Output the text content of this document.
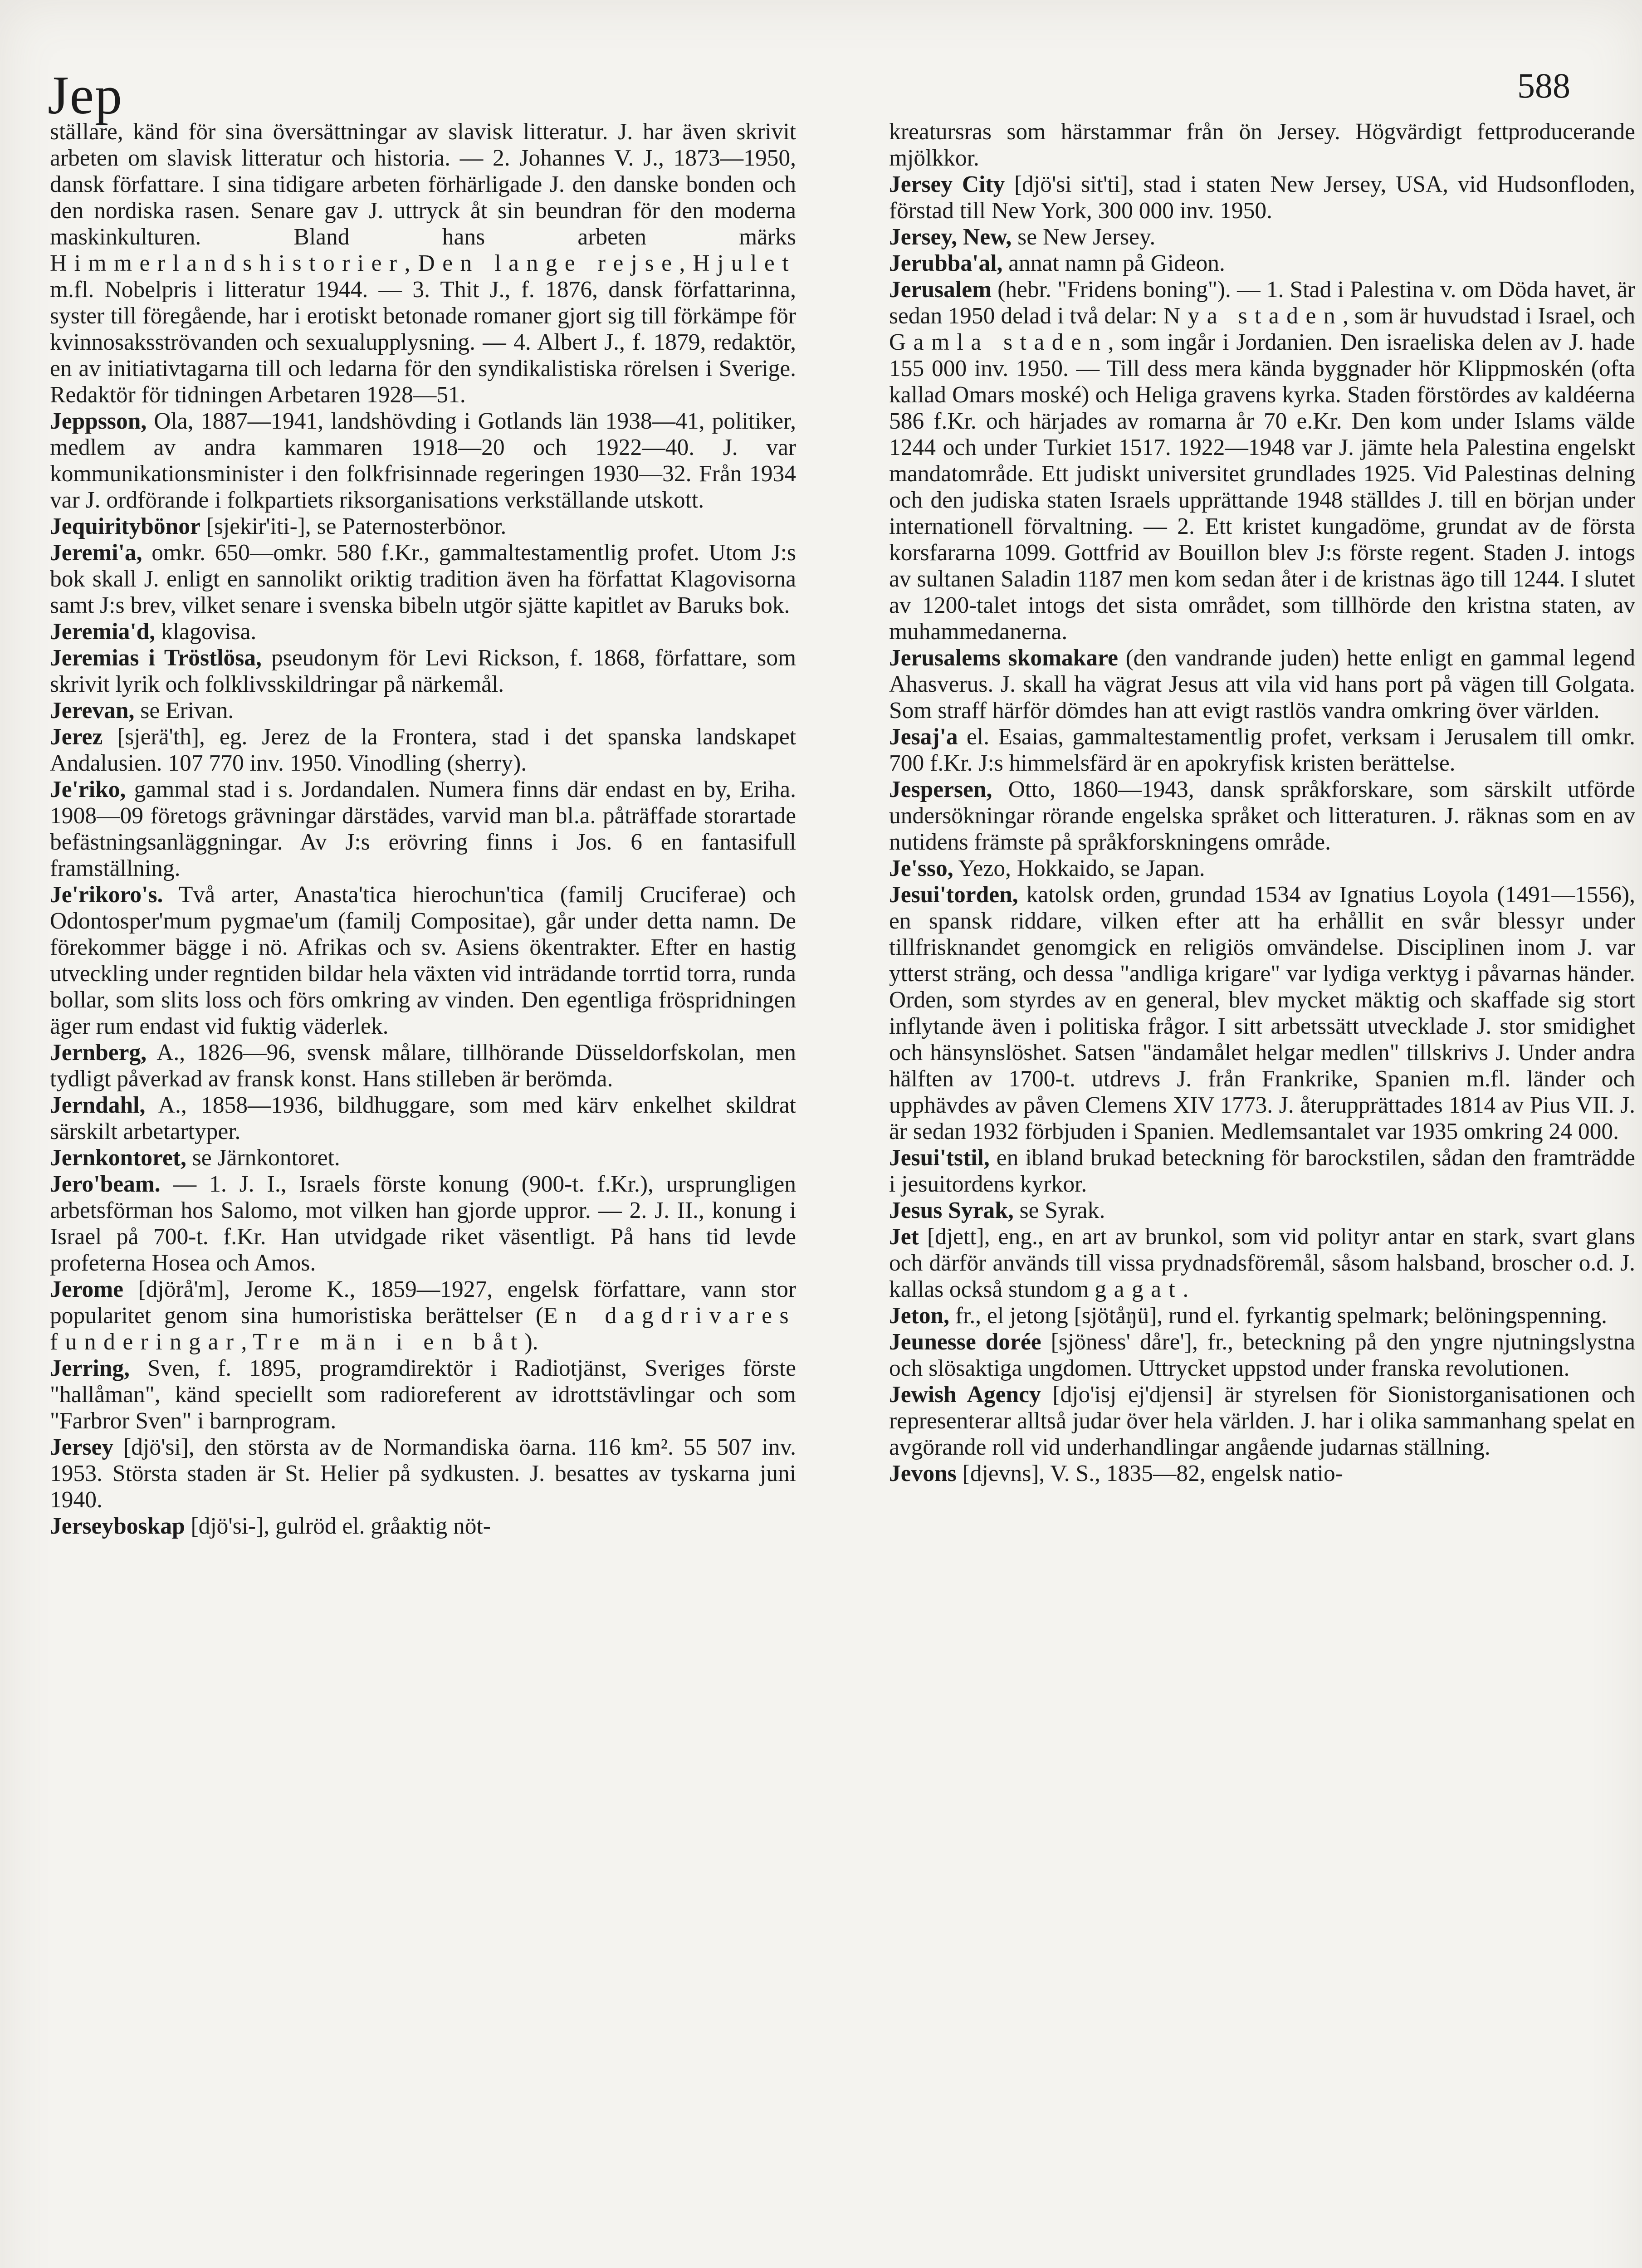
Jep	588

ställare, känd för sina översättningar av slavisk litteratur. J. har även skrivit arbeten om slavisk litteratur och historia. — 2. Johannes V. J., 1873—1950, dansk författare. I sina tidigare arbeten förhärligade J. den danske bonden och den nordiska rasen. Senare gav J. uttryck åt sin beundran för den moderna maskinkulturen. Bland hans arbeten märks Himmerlandshistorier, Den lange rejse, Hjulet m.fl. Nobelpris i litteratur 1944. — 3. Thit J., f. 1876, dansk författarinna, syster till föregående, har i erotiskt betonade romaner gjort sig till förkämpe för kvinnosaksströvanden och sexualupplysning. — 4. Albert J., f. 1879, redaktör, en av initiativtagarna till och ledarna för den syndikalistiska rörelsen i Sverige. Redaktör för tidningen Arbetaren 1928—51.

Jeppsson, Ola, 1887—1941, landshövding i Gotlands län 1938—41, politiker, medlem av andra kammaren 1918—20 och 1922—40. J. var kommunikationsminister i den folkfrisinnade regeringen 1930—32. Från 1934 var J. ordförande i folkpartiets riksorganisations verkställande utskott.

Jequiritybönor [sjekir'iti-], se Paternosterbönor.

Jeremi'a, omkr. 650—omkr. 580 f.Kr., gammaltestamentlig profet. Utom J:s bok skall J. enligt en sannolikt oriktig tradition även ha författat Klagovisorna samt J:s brev, vilket senare i svenska bibeln utgör sjätte kapitlet av Baruks bok.

Jeremia'd, klagovisa.

Jeremias i Tröstlösa, pseudonym för Levi Rickson, f. 1868, författare, som skrivit lyrik och folklivsskildringar på närkemål.

Jerevan, se Erivan.

Jerez [sjerä'th], eg. Jerez de la Frontera, stad i det spanska landskapet Andalusien. 107 770 inv. 1950. Vinodling (sherry).

Je'riko, gammal stad i s. Jordandalen. Numera finns där endast en by, Eriha. 1908—09 företogs grävningar därstädes, varvid man bl.a. påträffade storartade befästningsanläggningar. Av J:s erövring finns i Jos. 6 en fantasifull framställning.

Je'rikoro's. Två arter, Anasta'tica hierochun'tica (familj Cruciferae) och Odontosper'mum pygmae'um (familj Compositae), går under detta namn. De förekommer bägge i nö. Afrikas och sv. Asiens ökentrakter. Efter en hastig utveckling under regntiden bildar hela växten vid inträdande torrtid torra, runda bollar, som slits loss och förs omkring av vinden. Den egentliga fröspridningen äger rum endast vid fuktig väderlek.

Jernberg, A., 1826—96, svensk målare, tillhörande Düsseldorfskolan, men tydligt påverkad av fransk konst. Hans stilleben är berömda.

Jerndahl, A., 1858—1936, bildhuggare, som med kärv enkelhet skildrat särskilt arbetartyper.

Jernkontoret, se Järnkontoret.

Jero'beam. — 1. J. I., Israels förste konung (900-t. f.Kr.), ursprungligen arbetsförman hos Salomo, mot vilken han gjorde uppror. — 2. J. II., konung i Israel på 700-t. f.Kr. Han utvidgade riket väsentligt. På hans tid levde profeterna Hosea och Amos.

Jerome [djörå'm], Jerome K., 1859—1927, engelsk författare, vann stor popularitet genom sina humoristiska berättelser (En dagdrivares funderingar, Tre män i en båt).

Jerring, Sven, f. 1895, programdirektör i Radiotjänst, Sveriges förste "hallåman", känd speciellt som radioreferent av idrottstävlingar och som "Farbror Sven" i barnprogram.

Jersey [djö'si], den största av de Normandiska öarna. 116 km². 55 507 inv. 1953. Största staden är St. Helier på sydkusten. J. besattes av tyskarna juni 1940.

Jerseyboskap [djö'si-], gulröd el. gråaktig nöt-

kreatursras som härstammar från ön Jersey. Högvärdigt fettproducerande mjölkkor.

Jersey City [djö'si sit'ti], stad i staten New Jersey, USA, vid Hudsonfloden, förstad till New York, 300 000 inv. 1950.

Jersey, New, se New Jersey.

Jerubba'al, annat namn på Gideon.

Jerusalem (hebr. "Fridens boning"). — 1. Stad i Palestina v. om Döda havet, är sedan 1950 delad i två delar: Nya staden, som är huvudstad i Israel, och Gamla staden, som ingår i Jordanien. Den israeliska delen av J. hade 155 000 inv. 1950. — Till dess mera kända byggnader hör Klippmoskén (ofta kallad Omars moské) och Heliga gravens kyrka. Staden förstördes av kaldéerna 586 f.Kr. och härjades av romarna år 70 e.Kr. Den kom under Islams välde 1244 och under Turkiet 1517. 1922—1948 var J. jämte hela Palestina engelskt mandatområde. Ett judiskt universitet grundlades 1925. Vid Palestinas delning och den judiska staten Israels upprättande 1948 ställdes J. till en början under internationell förvaltning. — 2. Ett kristet kungadöme, grundat av de första korsfararna 1099. Gottfrid av Bouillon blev J:s förste regent. Staden J. intogs av sultanen Saladin 1187 men kom sedan åter i de kristnas ägo till 1244. I slutet av 1200-talet intogs det sista området, som tillhörde den kristna staten, av muhammedanerna.

Jerusalems skomakare (den vandrande juden) hette enligt en gammal legend Ahasverus. J. skall ha vägrat Jesus att vila vid hans port på vägen till Golgata. Som straff härför dömdes han att evigt rastlös vandra omkring över världen.

Jesaj'a el. Esaias, gammaltestamentlig profet, verksam i Jerusalem till omkr. 700 f.Kr. J:s himmelsfärd är en apokryfisk kristen berättelse.

Jespersen, Otto, 1860—1943, dansk språkforskare, som särskilt utförde undersökningar rörande engelska språket och litteraturen. J. räknas som en av nutidens främste på språkforskningens område.

Je'sso, Yezo, Hokkaido, se Japan.

Jesui'torden, katolsk orden, grundad 1534 av Ignatius Loyola (1491—1556), en spansk riddare, vilken efter att ha erhållit en svår blessyr under tillfrisknandet genomgick en religiös omvändelse. Disciplinen inom J. var ytterst sträng, och dessa "andliga krigare" var lydiga verktyg i påvarnas händer. Orden, som styrdes av en general, blev mycket mäktig och skaffade sig stort inflytande även i politiska frågor. I sitt arbetssätt utvecklade J. stor smidighet och hänsynslöshet. Satsen "ändamålet helgar medlen" tillskrivs J. Under andra hälften av 1700-t. utdrevs J. från Frankrike, Spanien m.fl. länder och upphävdes av påven Clemens XIV 1773. J. återupprättades 1814 av Pius VII. J. är sedan 1932 förbjuden i Spanien. Medlemsantalet var 1935 omkring 24 000.

Jesui'tstil, en ibland brukad beteckning för barockstilen, sådan den framträdde i jesuitordens kyrkor.

Jesus Syrak, se Syrak.

Jet [djett], eng., en art av brunkol, som vid polityr antar en stark, svart glans och därför används till vissa prydnadsföremål, såsom halsband, broscher o.d. J. kallas också stundom gagat.

Jeton, fr., el jetong [sjötåŋü], rund el. fyrkantig spelmark; belöningspenning.

Jeunesse dorée [sjöness' dåre'], fr., beteckning på den yngre njutningslystna och slösaktiga ungdomen. Uttrycket uppstod under franska revolutionen.

Jewish Agency [djo'isj ej'djensi] är styrelsen för Sionistorganisationen och representerar alltså judar över hela världen. J. har i olika sammanhang spelat en avgörande roll vid underhandlingar angående judarnas ställning.

Jevons [djevns], V. S., 1835—82, engelsk natio-
